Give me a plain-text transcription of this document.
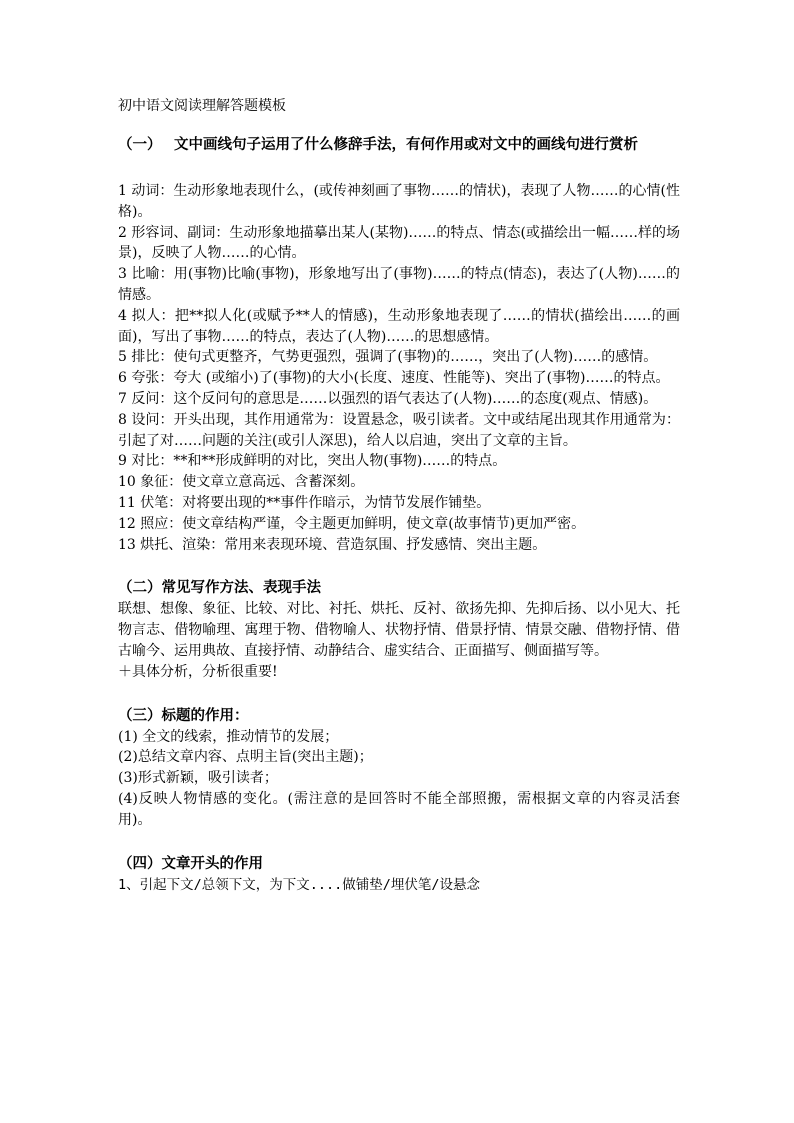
初中语文阅读理解答题模板

（一） 文中画线句子运用了什么修辞手法，有何作用或对文中的画线句进行赏析

1 动词：生动形象地表现什么，(或传神刻画了事物……的情状)，表现了人物……的心情(性格)。

2 形容词、副词：生动形象地描摹出某人(某物)……的特点、情态(或描绘出一幅……样的场景)，反映了人物……的心情。

3 比喻：用(事物)比喻(事物)，形象地写出了(事物)……的特点(情态)，表达了(人物)……的情感。

4 拟人：把**拟人化(或赋予**人的情感)，生动形象地表现了……的情状(描绘出……的画面)，写出了事物……的特点，表达了(人物)……的思想感情。

5 排比：使句式更整齐，气势更强烈，强调了(事物)的……，突出了(人物)……的感情。

6 夸张：夸大 (或缩小)了(事物)的大小(长度、速度、性能等)、突出了(事物)……的特点。

7 反问：这个反问句的意思是……以强烈的语气表达了(人物)……的态度(观点、情感)。

8 设问：开头出现，其作用通常为：设置悬念，吸引读者。文中或结尾出现其作用通常为：引起了对……问题的关注(或引人深思)，给人以启迪，突出了文章的主旨。

9 对比：**和**形成鲜明的对比，突出人物(事物)……的特点。

10 象征：使文章立意高远、含蓄深刻。

11 伏笔：对将要出现的**事件作暗示，为情节发展作铺垫。

12 照应：使文章结构严谨，令主题更加鲜明，使文章(故事情节)更加严密。

13 烘托、渲染：常用来表现环境、营造氛围、抒发感情、突出主题。

（二）常见写作方法、表现手法

联想、想像、象征、比较、对比、衬托、烘托、反衬、欲扬先抑、先抑后扬、以小见大、托物言志、借物喻理、寓理于物、借物喻人、状物抒情、借景抒情、情景交融、借物抒情、借古喻今、运用典故、直接抒情、动静结合、虚实结合、正面描写、侧面描写等。

＋具体分析，分析很重要!

（三）标题的作用：

(1) 全文的线索，推动情节的发展；

(2)总结文章内容、点明主旨(突出主题)；

(3)形式新颖，吸引读者；

(4)反映人物情感的变化。(需注意的是回答时不能全部照搬，需根据文章的内容灵活套用)。

（四）文章开头的作用

1、引起下文/总领下文，为下文....做铺垫/埋伏笔/设悬念
